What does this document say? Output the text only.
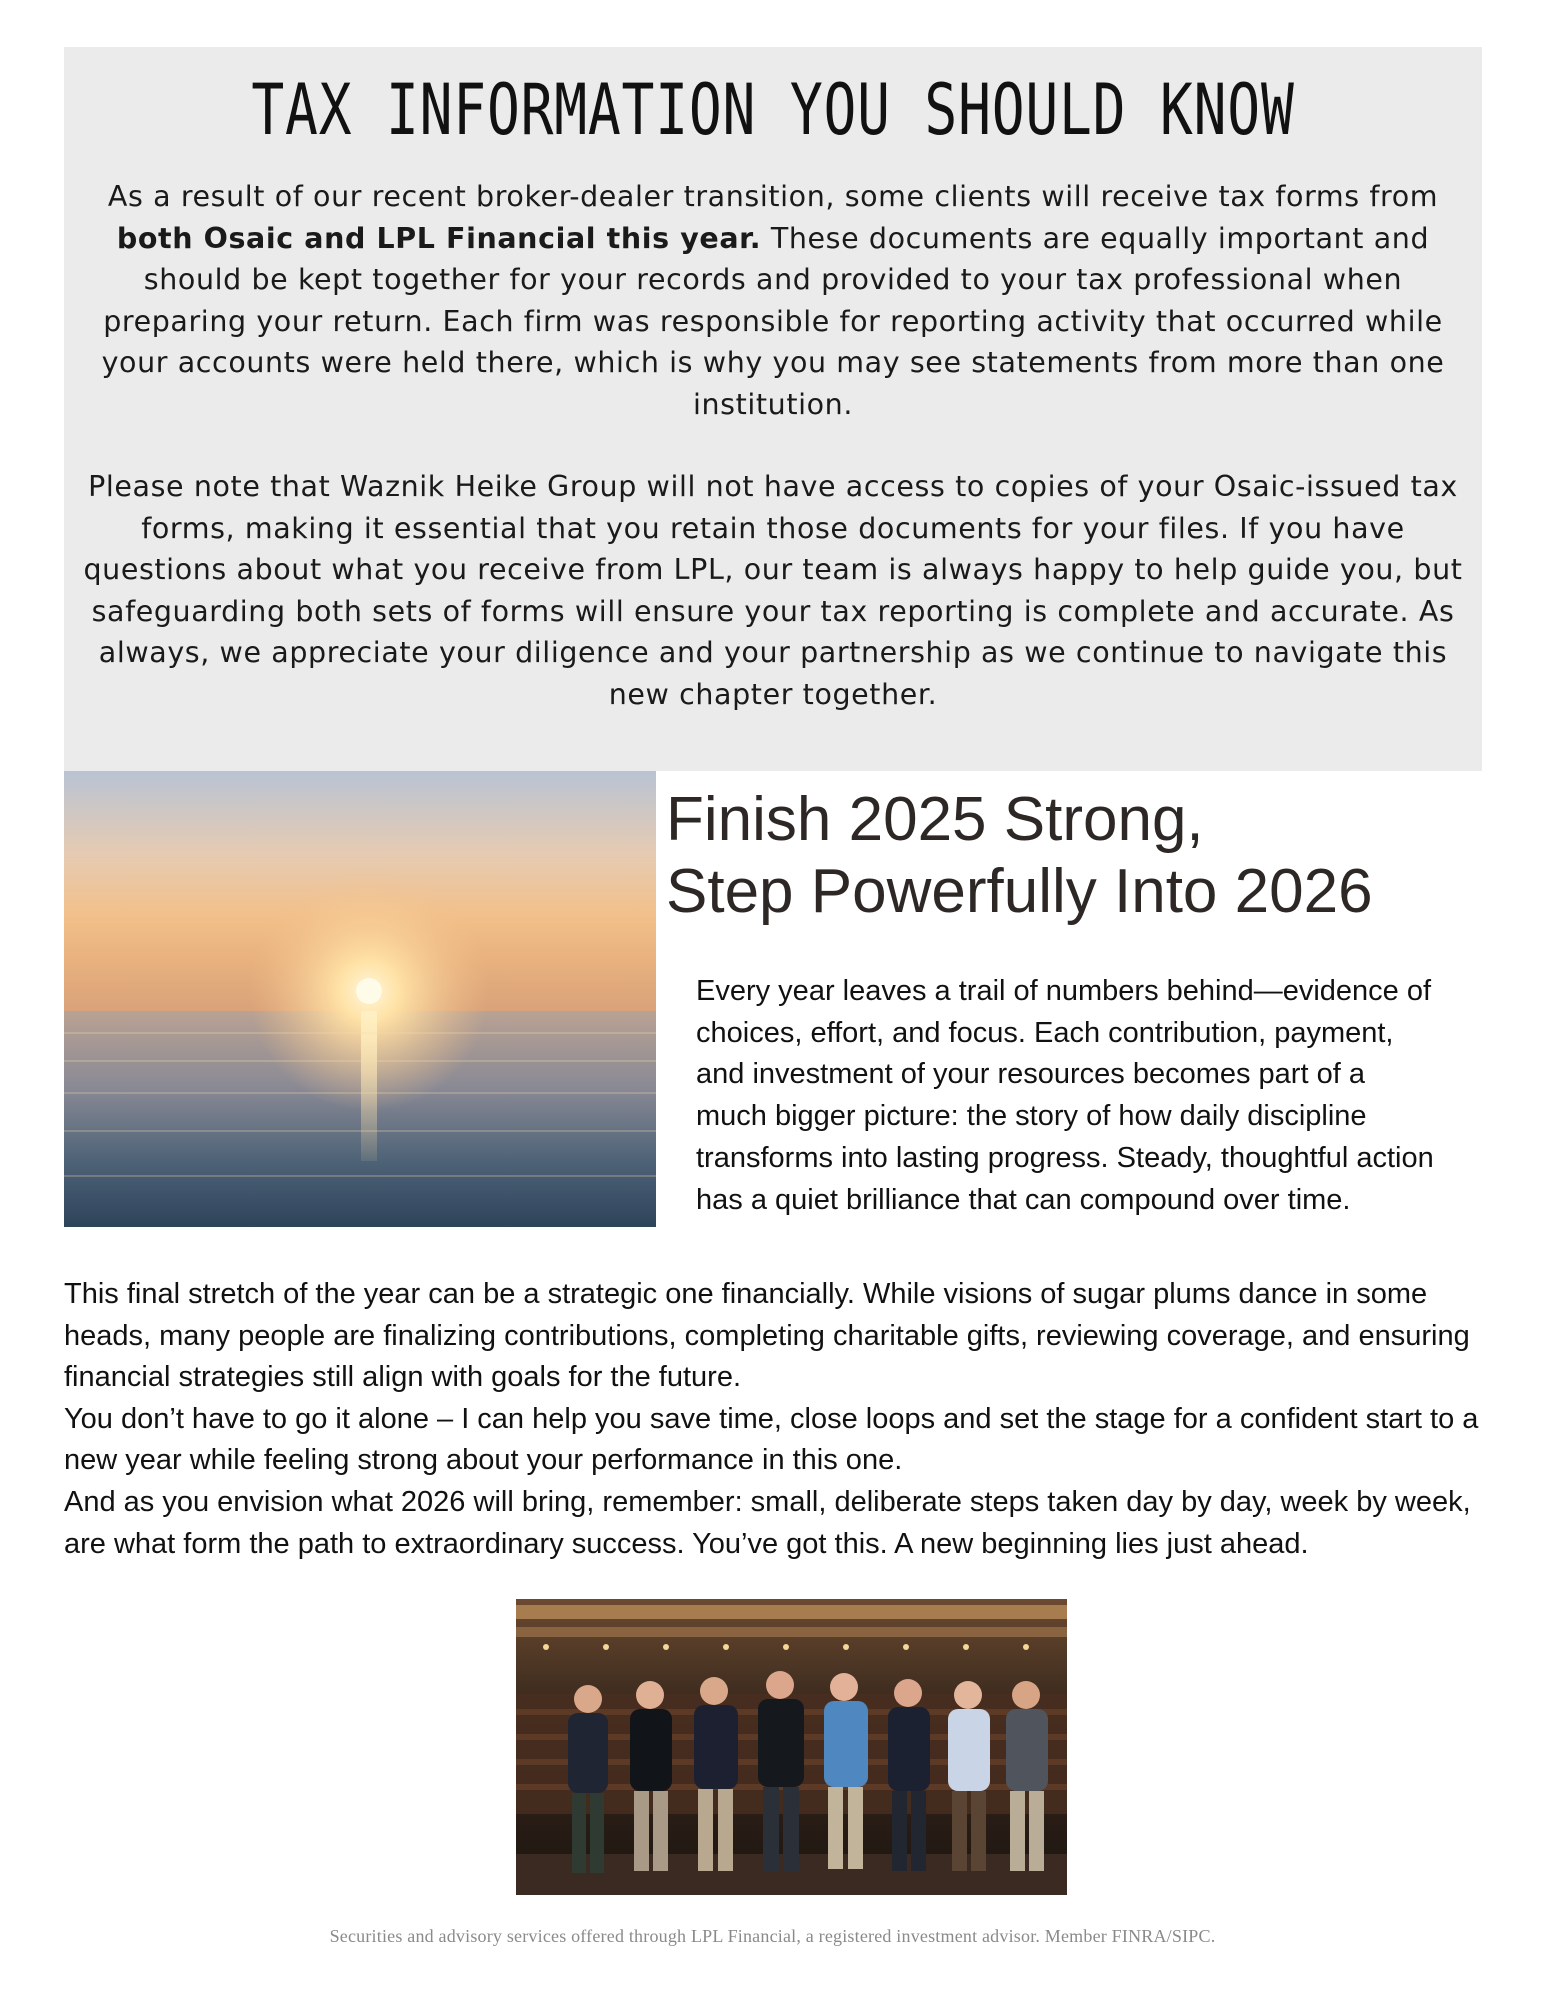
TAX INFORMATION YOU SHOULD KNOW

As a result of our recent broker-dealer transition, some clients will receive tax forms from both Osaic and LPL Financial this year. These documents are equally important and should be kept together for your records and provided to your tax professional when preparing your return. Each firm was responsible for reporting activity that occurred while your accounts were held there, which is why you may see statements from more than one institution.

Please note that Waznik Heike Group will not have access to copies of your Osaic-issued tax forms, making it essential that you retain those documents for your files. If you have questions about what you receive from LPL, our team is always happy to help guide you, but safeguarding both sets of forms will ensure your tax reporting is complete and accurate. As always, we appreciate your diligence and your partnership as we continue to navigate this new chapter together.

Finish 2025 Strong,
Step Powerfully Into 2026

Every year leaves a trail of numbers behind—evidence of choices, effort, and focus. Each contribution, payment, and investment of your resources becomes part of a much bigger picture: the story of how daily discipline transforms into lasting progress. Steady, thoughtful action has a quiet brilliance that can compound over time.

This final stretch of the year can be a strategic one financially. While visions of sugar plums dance in some heads, many people are finalizing contributions, completing charitable gifts, reviewing coverage, and ensuring financial strategies still align with goals for the future.
You don’t have to go it alone – I can help you save time, close loops and set the stage for a confident start to a new year while feeling strong about your performance in this one.
And as you envision what 2026 will bring, remember: small, deliberate steps taken day by day, week by week, are what form the path to extraordinary success. You’ve got this. A new beginning lies just ahead.
Securities and advisory services offered through LPL Financial, a registered investment advisor. Member FINRA/SIPC.
